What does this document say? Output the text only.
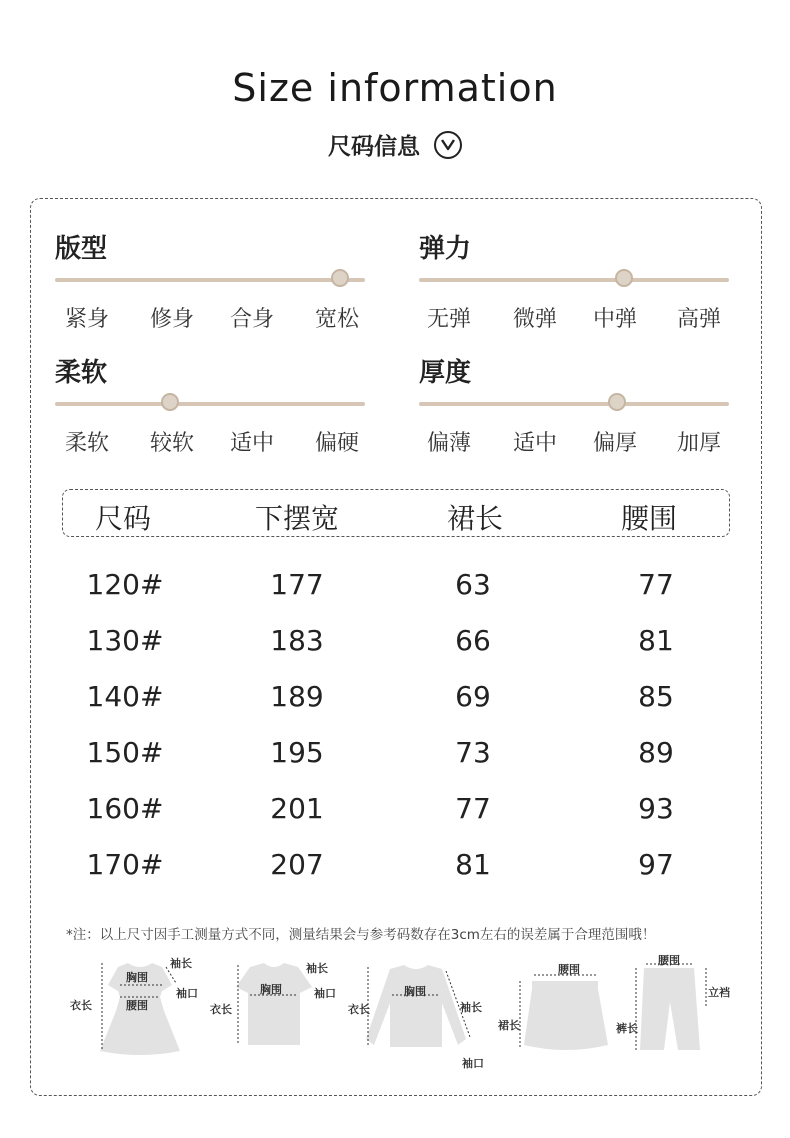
Size information
尺码信息
版型
紧身 修身 合身 宽松
弹力
无弹 微弹 中弹 高弹
柔软
柔软 较软 适中 偏硬
厚度
偏薄 适中 偏厚 加厚
尺码	下摆宽	裙长	腰围
120#	177	63	77
130#	183	66	81
140#	189	69	85
150#	195	73	89
160#	201	77	93
170#	207	81	97
*注：以上尺寸因手工测量方式不同，测量结果会与参考码数存在3cm左右的误差属于合理范围哦！
胸围
袖长
袖口
衣长	腰围
胸围
袖长
袖口
衣长
胸围
袖长
袖口
衣长
腰围
裙长
腰围
立裆
裤长
